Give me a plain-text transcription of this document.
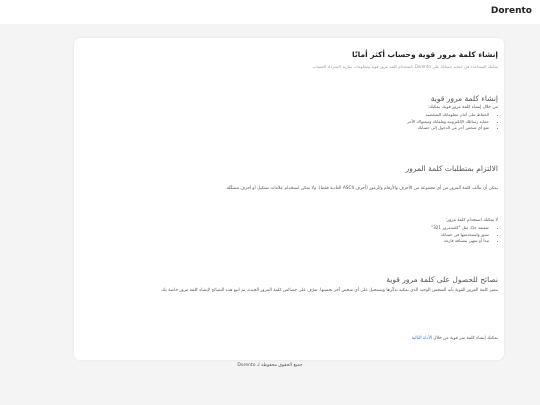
Dorento
إنشاء كلمة مرور قوية وحساب أكثر أمانًا
يمكنك المساعدة في حماية حسابك على Dorento باستخدام كلمة مرور قوية ومعلومات سارية لاسترداد الحساب.
إنشاء كلمة مرور قوية
من خلال إنشاء كلمة مرور قوية، يمكنك:
• الحفاظ على أمان معلوماتك الشخصية
• حماية رسائلك الإلكترونية وملفاتك ومحتواك الآخر
• منع أي شخص آخر من الدخول إلى حسابك
الالتزام بمتطلبات كلمة المرور
يمكن أن تتألف كلمة المرور من أي مجموعة من الأحرف والأرقام والرموز (أحرف ASCII العادية فقط). ولا يمكن استخدام علامات تشكيل أو أحرف مشكّلة.
لا يمكنك استخدام كلمة مرور:
• ضعيفة جدًا، مثل "كلمةمرور 321"
• سبق واستخدمتها في حسابك
• تبدأ أو تنتهي بمسافة فارغة
نصائح للحصول على كلمة مرور قوية
تتميز كلمة المرور القوية بأنه الشخص الوحيد الذي يمكنه تذكّرها ويستحيل على أي شخص آخر تخمينها. تعرّف على خصائص كلمة المرور الجيدة، ثم اتبع هذه النصائح لإنشاء كلمة مرور خاصة بك.
يمكنك إنشاء كلمة سر قوية من خلال الأداة التالية
جميع الحقوق محفوظة لـ Dorento
